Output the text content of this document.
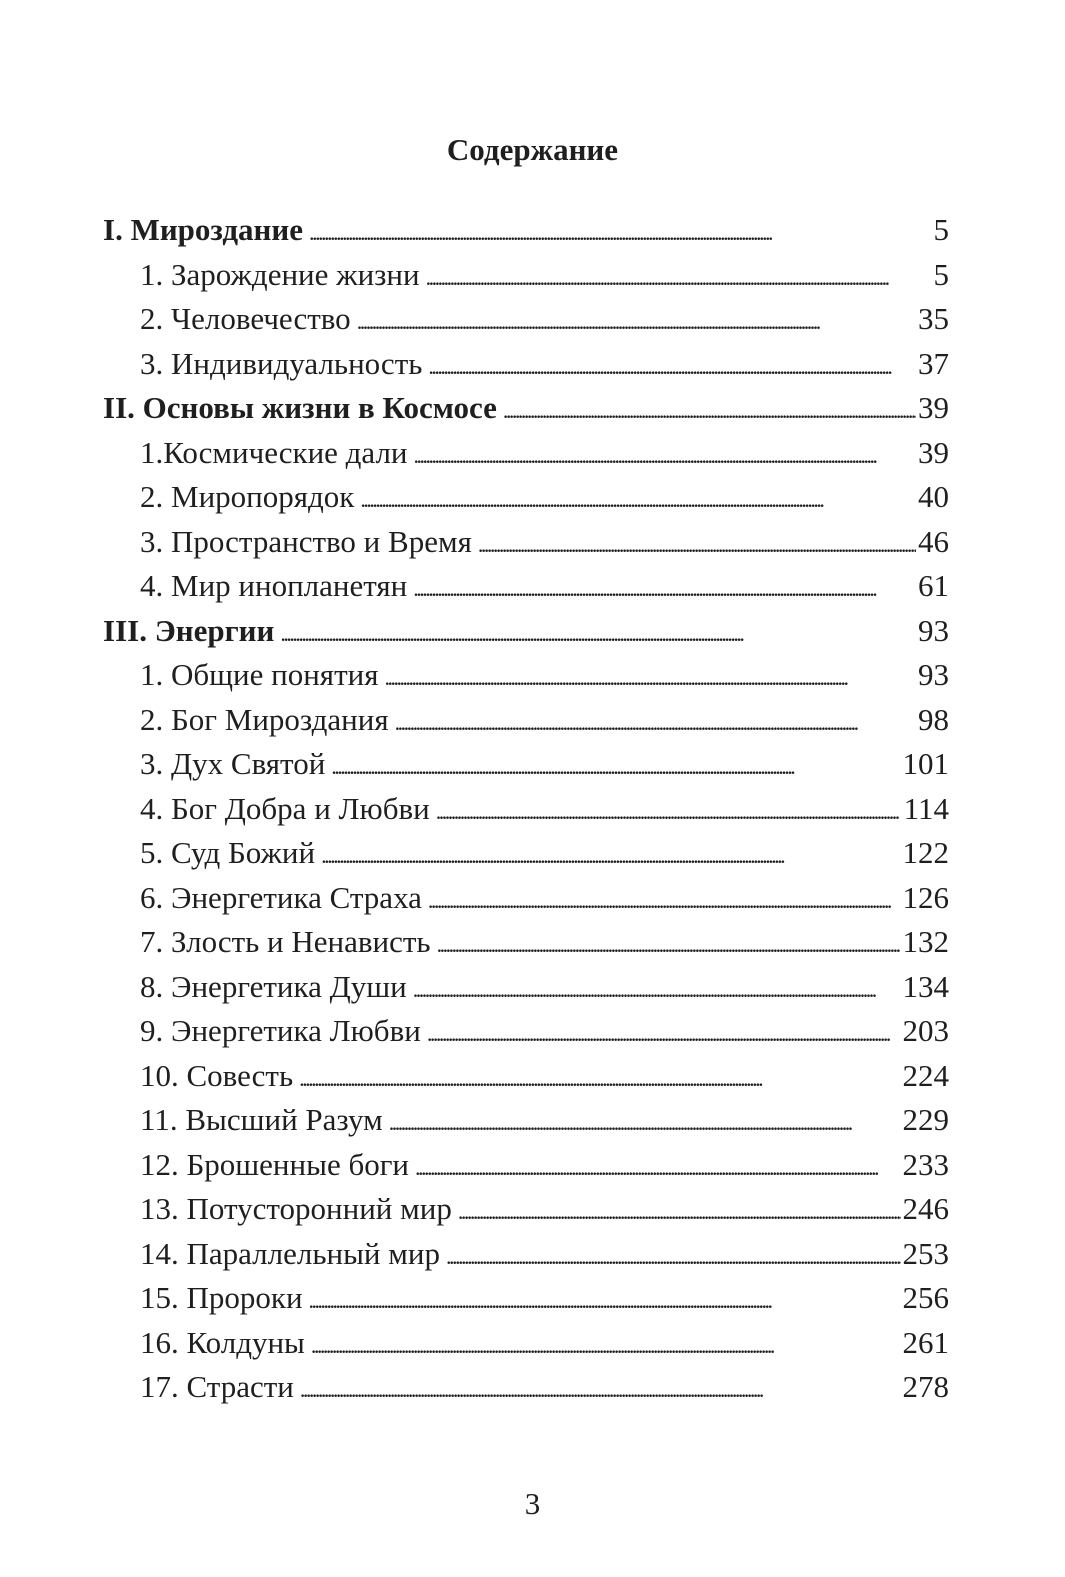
Содержание
I. Мироздание . . .	5
1. Зарождение жизни . . .	5
2. Человечество . . .	35
3. Индивидуальность . . .	37
II. Основы жизни в Космосе . . .	39
1.Космические дали . . .	39
2. Миропорядок . . .	40
3. Пространство и Время . . .	46
4. Мир инопланетян . . .	61
III. Энергии . . .	93
1. Общие понятия . . .	93
2. Бог Мироздания . . .	98
3. Дух Святой . . .	101
4. Бог Добра и Любви . . .	114
5. Суд Божий . . .	122
6. Энергетика Страха . . .	126
7. Злость и Ненависть . . .	132
8. Энергетика Души . . .	134
9. Энергетика Любви . . .	203
10. Совесть . . .	224
11. Высший Разум . . .	229
12. Брошенные боги . . .	233
13. Потусторонний мир . . .	246
14. Параллельный мир . . .	253
15. Пророки . . .	256
16. Колдуны . . .	261
17. Страсти . . .	278
3
